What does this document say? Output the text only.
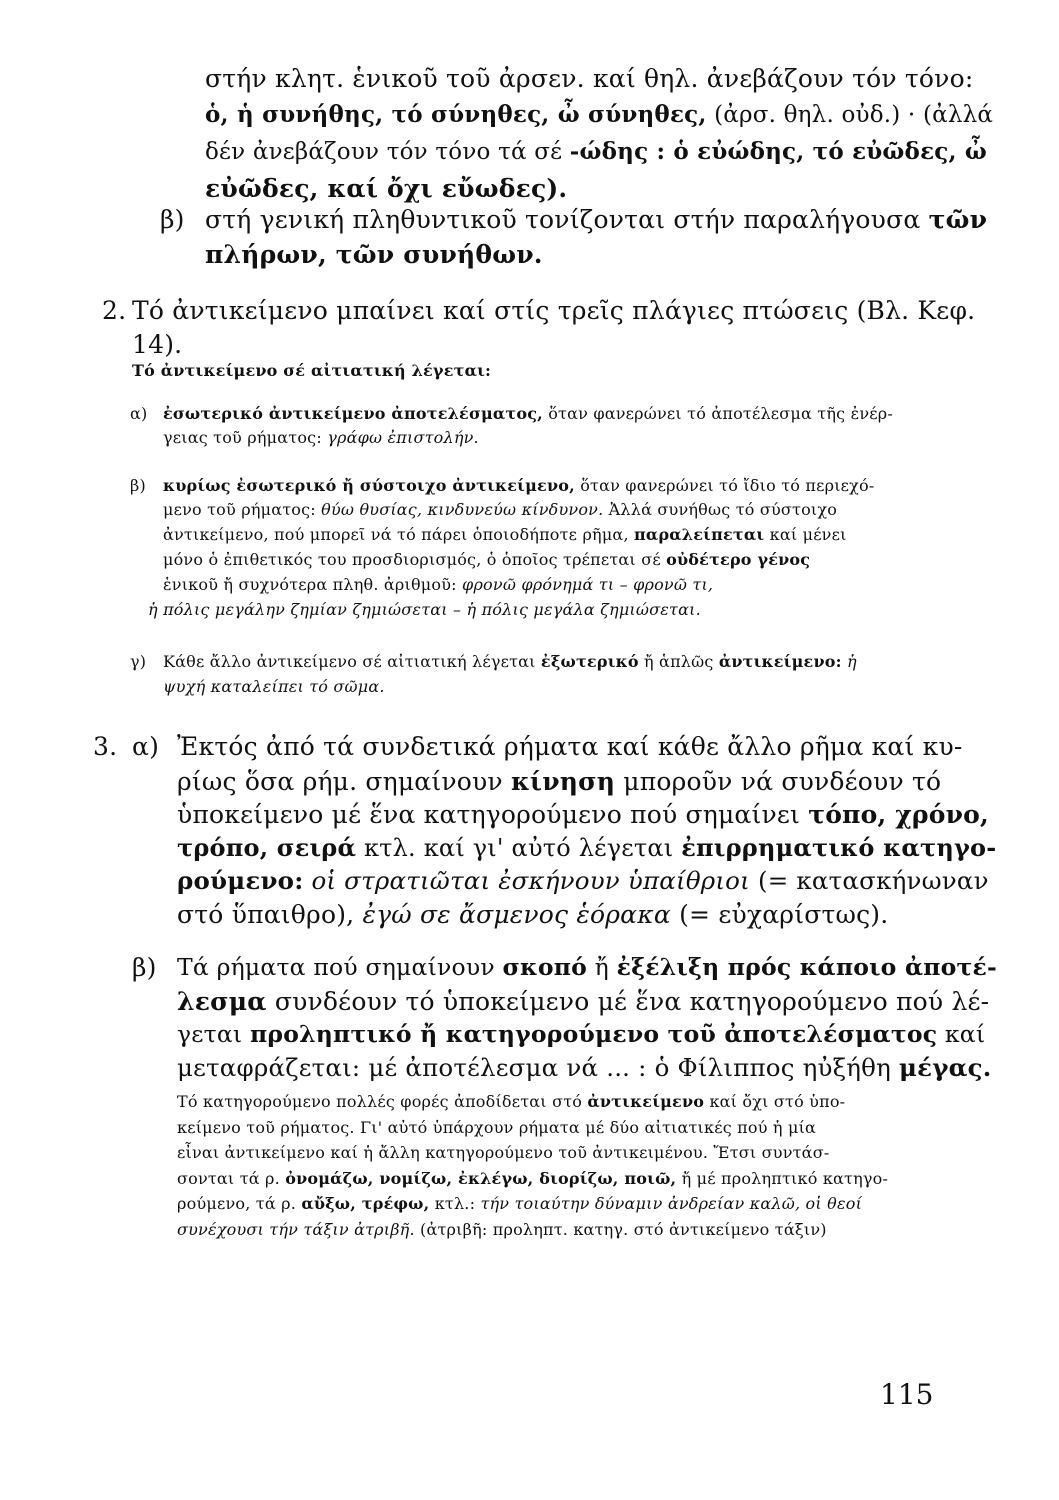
στήν κλητ. ἑνικοῦ τοῦ ἀρσεν. καί θηλ. ἀνεβάζουν τόν τόνο:
ὁ, ἡ συνήθης, τό σύνηθες, ὦ σύνηθες, (ἀρσ. θηλ. οὐδ.) · (ἀλλά
δέν ἀνεβάζουν τόν τόνο τά σέ -ώδης : ὁ εὐώδης, τό εὐῶδες, ὦ
εὐῶδες, καί ὄχι εὔωδες).
β) στή γενική πληθυντικοῦ τονίζονται στήν παραλήγουσα τῶν
πλήρων, τῶν συνήθων.
2. Τό ἀντικείμενο μπαίνει καί στίς τρεῖς πλάγιες πτώσεις (Βλ. Κεφ.
14).
Τό ἀντικείμενο σέ αἰτιατική λέγεται:
α) ἐσωτερικό ἀντικείμενο ἀποτελέσματος, ὅταν φανερώνει τό ἀποτέλεσμα τῆς ἐνέρ-
γειας τοῦ ρήματος: γράφω ἐπιστολήν.
β) κυρίως ἐσωτερικό ἤ σύστοιχο ἀντικείμενο, ὅταν φανερώνει τό ἴδιο τό περιεχό-
μενο τοῦ ρήματος: θύω θυσίας, κινδυνεύω κίνδυνον. Ἀλλά συνήθως τό σύστοιχο
ἀντικείμενο, πού μπορεῖ νά τό πάρει ὁποιοδήποτε ρῆμα, παραλείπεται καί μένει
μόνο ὁ ἐπιθετικός του προσδιορισμός, ὁ ὁποῖος τρέπεται σέ οὐδέτερο γένος
ἑνικοῦ ἤ συχνότερα πληθ. ἀριθμοῦ: φρονῶ φρόνημά τι – φρονῶ τι,
ἡ πόλις μεγάλην ζημίαν ζημιώσεται – ἡ πόλις μεγάλα ζημιώσεται.
γ) Κάθε ἄλλο ἀντικείμενο σέ αἰτιατική λέγεται ἐξωτερικό ἤ ἁπλῶς ἀντικείμενο: ἡ
ψυχή καταλείπει τό σῶμα.
3. α) Ἐκτός ἀπό τά συνδετικά ρήματα καί κάθε ἄλλο ρῆμα καί κυ-
ρίως ὅσα ρήμ. σημαίνουν κίνηση μποροῦν νά συνδέουν τό
ὑποκείμενο μέ ἕνα κατηγορούμενο πού σημαίνει τόπο, χρόνο,
τρόπο, σειρά κτλ. καί γι' αὐτό λέγεται ἐπιρρηματικό κατηγο-
ρούμενο: οἱ στρατιῶται ἐσκήνουν ὑπαίθριοι (= κατασκήνωναν
στό ὕπαιθρο), ἐγώ σε ἄσμενος ἑόρακα (= εὐχαρίστως).
β) Τά ρήματα πού σημαίνουν σκοπό ἤ ἐξέλιξη πρός κάποιο ἀποτέ-
λεσμα συνδέουν τό ὑποκείμενο μέ ἕνα κατηγορούμενο πού λέ-
γεται προληπτικό ἤ κατηγορούμενο τοῦ ἀποτελέσματος καί
μεταφράζεται: μέ ἀποτέλεσμα νά ... : ὁ Φίλιππος ηὐξήθη μέγας.
Τό κατηγορούμενο πολλές φορές ἀποδίδεται στό ἀντικείμενο καί ὄχι στό ὑπο-
κείμενο τοῦ ρήματος. Γι' αὐτό ὑπάρχουν ρήματα μέ δύο αἰτιατικές πού ἡ μία
εἶναι ἀντικείμενο καί ἡ ἄλλη κατηγορούμενο τοῦ ἀντικειμένου. Ἔτσι συντάσ-
σονται τά ρ. ὀνομάζω, νομίζω, ἐκλέγω, διορίζω, ποιῶ, ἤ μέ προληπτικό κατηγο-
ρούμενο, τά ρ. αὔξω, τρέφω, κτλ.: τήν τοιαύτην δύναμιν ἀνδρείαν καλῶ, οἱ θεοί
συνέχουσι τήν τάξιν ἀτριβῆ. (ἀτριβῆ: προληπτ. κατηγ. στό ἀντικείμενο τάξιν)
115
